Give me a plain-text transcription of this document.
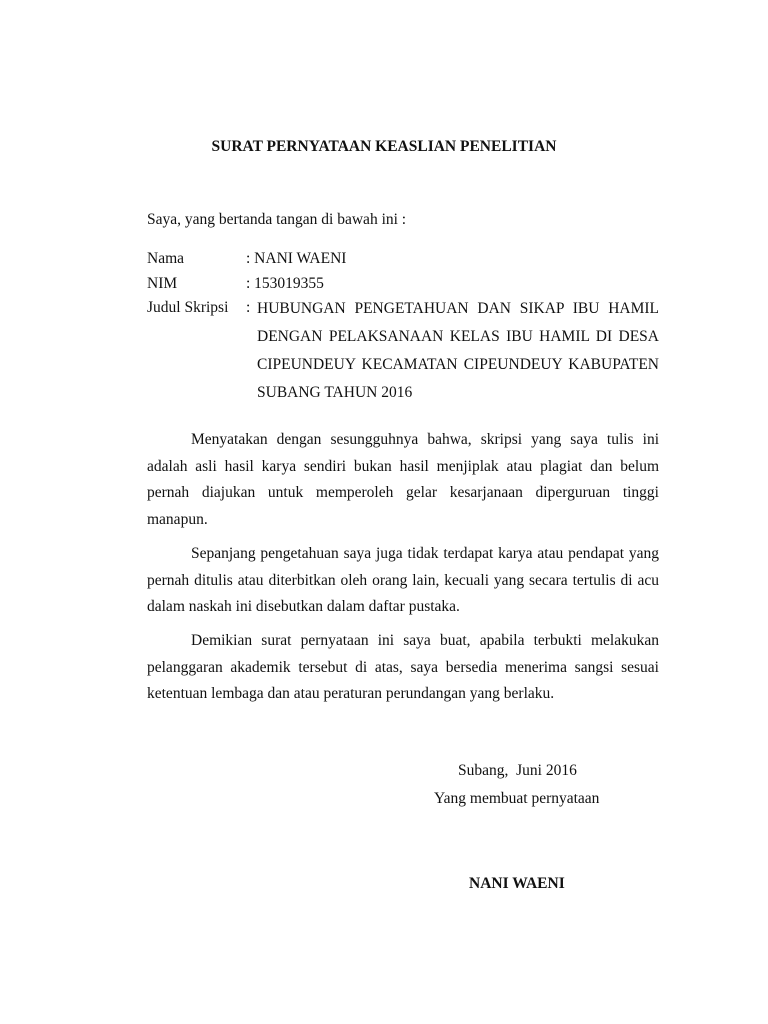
SURAT PERNYATAAN KEASLIAN PENELITIAN
Saya, yang bertanda tangan di bawah ini :
Nama	: NANI WAENI
NIM	: 153019355
Judul Skripsi : HUBUNGAN PENGETAHUAN DAN SIKAP IBU HAMIL
DENGAN PELAKSANAAN KELAS IBU HAMIL DI DESA
CIPEUNDEUY KECAMATAN CIPEUNDEUY KABUPATEN
SUBANG TAHUN 2016
Menyatakan dengan sesungguhnya bahwa, skripsi yang saya tulis ini
adalah asli hasil karya sendiri bukan hasil menjiplak atau plagiat dan belum
pernah diajukan untuk memperoleh gelar kesarjanaan diperguruan tinggi
manapun.
Sepanjang pengetahuan saya juga tidak terdapat karya atau pendapat yang
pernah ditulis atau diterbitkan oleh orang lain, kecuali yang secara tertulis di acu
dalam naskah ini disebutkan dalam daftar pustaka.
Demikian surat pernyataan ini saya buat, apabila terbukti melakukan
pelanggaran akademik tersebut di atas, saya bersedia menerima sangsi sesuai
ketentuan lembaga dan atau peraturan perundangan yang berlaku.
Subang,  Juni 2016
Yang membuat pernyataan
NANI WAENI
